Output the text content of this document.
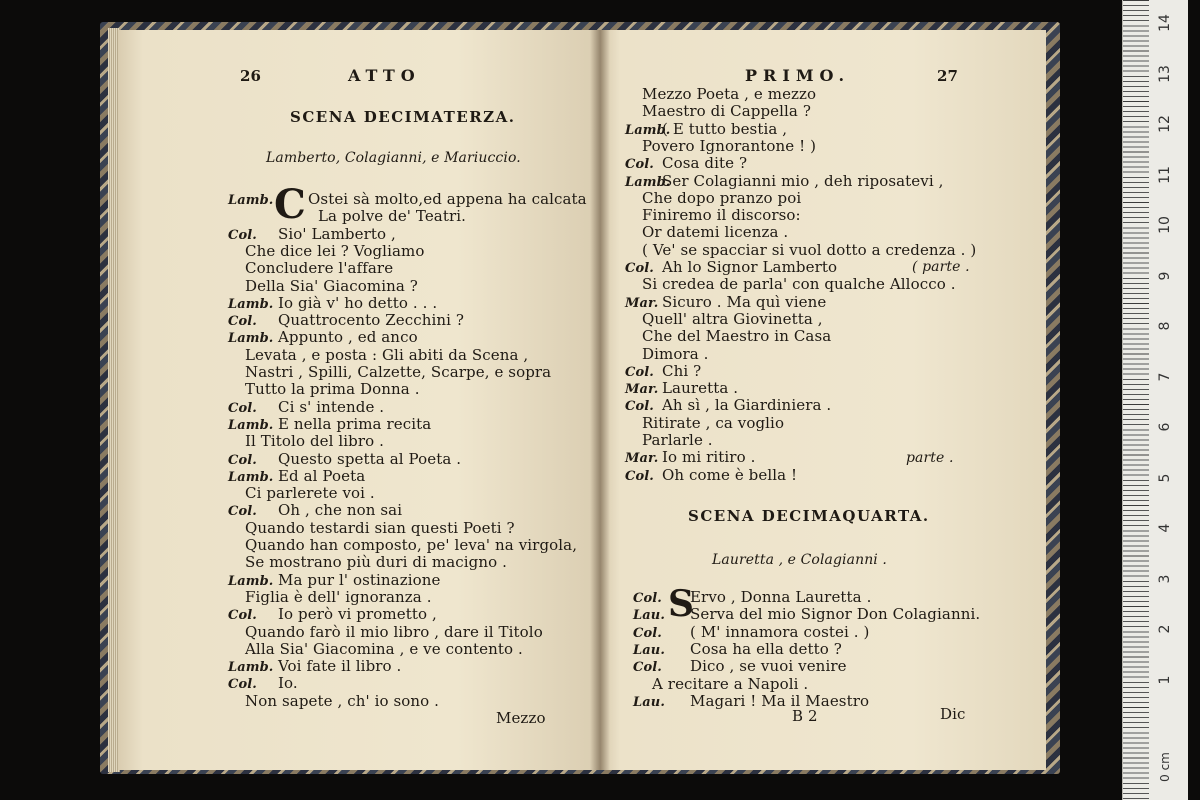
26	ATTO
SCENA DECIMATERZA.
Lamberto, Colagianni, e Mariuccio.
C
Lamb. Ostei sà molto,ed appena ha calcata
La polve de' Teatri.
Col. Sio' Lamberto ,
Che dice lei ? Vogliamo
Concludere l'affare
Della Sia' Giacomina ?
Lamb. Io già v' ho detto . . .
Col. Quattrocento Zecchini ?
Lamb. Appunto , ed anco
Levata , e posta : Gli abiti da Scena ,
Nastri , Spilli, Calzette, Scarpe, e sopra
Tutto la prima Donna .
Col. Ci s' intende .
Lamb. E nella prima recita
Il Titolo del libro .
Col. Questo spetta al Poeta .
Lamb. Ed al Poeta
Ci parlerete voi .
Col. Oh , che non sai
Quando testardi sian questi Poeti ?
Quando han composto, pe' leva' na virgola,
Se mostrano più duri di macigno .
Lamb. Ma pur l' ostinazione
Figlia è dell' ignoranza .
Col. Io però vi prometto ,
Quando farò il mio libro , dare il Titolo
Alla Sia' Giacomina , e ve contento .
Lamb. Voi fate il libro .
Col. Io.
Non sapete , ch' io sono .
Mezzo
PRIMO.	27
Mezzo Poeta , e mezzo
Maestro di Cappella ?
Lamb.
( E tutto bestia ,
Povero Ignorantone ! )
Col. Cosa dite ?
Lamb.
Ser Colagianni mio , deh riposatevi ,
Che dopo pranzo poi
Finiremo il discorso:
Or datemi licenza .
( Ve' se spacciar si vuol dotto a credenza . )
Col. Ah lo Signor Lamberto
Si credea de parla' con qualche Allocco .
Mar. Sicuro . Ma quì viene
Quell' altra Giovinetta ,
Che del Maestro in Casa
Dimora .
Col. Chi ?
Mar. Lauretta .
Col. Ah sì , la Giardiniera .
Ritirate , ca voglio
Parlarle .
Mar. Io mi ritiro .
Col. Oh come è bella !
( parte .
parte .
SCENA DECIMAQUARTA.
Lauretta , e Colagianni .
S
Col. Ervo , Donna Lauretta .
Lau. Serva del mio Signor Don Colagianni.
Col. ( M' innamora costei . )
Lau. Cosa ha ella detto ?
Col. Dico , se vuoi venire
A recitare a Napoli .
Lau. Magari ! Ma il Maestro
B 2	Dic
1
2
3
4
5
6
7
8
9
10
11
12
13
14
0 cm
